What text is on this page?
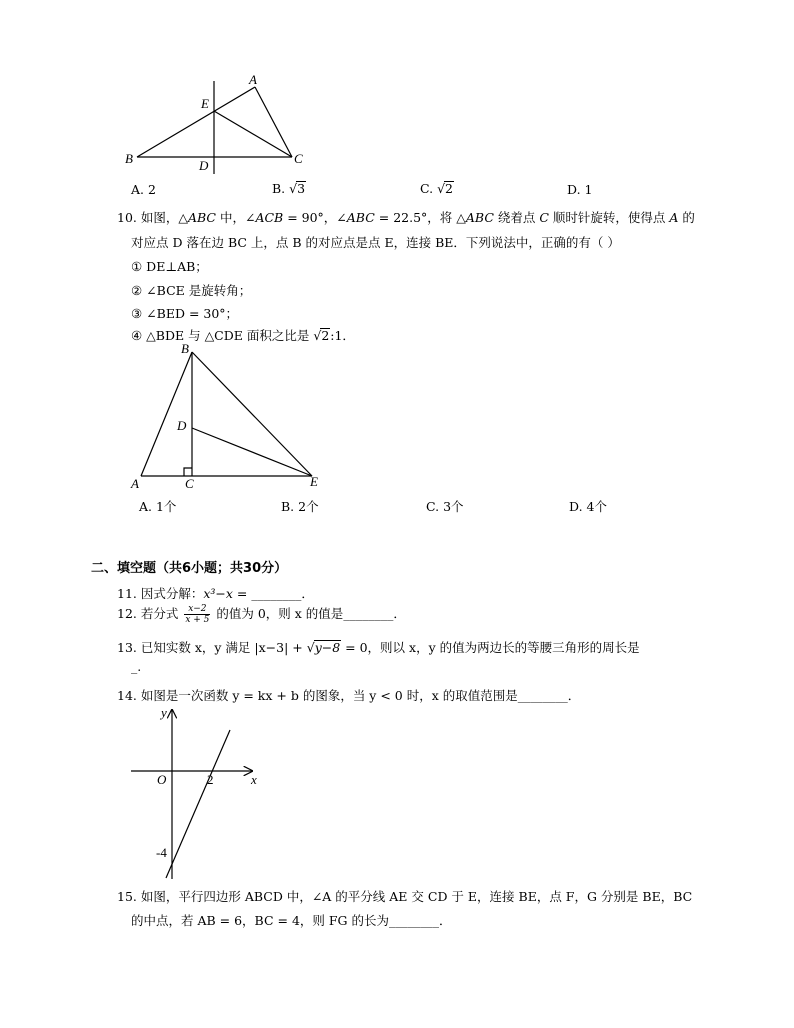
A
E
B	D	C
A. 2	B. √3	C. √2	D. 1
10. 如图，△ABC 中，∠ACB = 90°，∠ABC = 22.5°，将 △ABC 绕着点 C 顺时针旋转，使得点 A 的
对应点 D 落在边 BC 上，点 B 的对应点是点 E，连接 BE．下列说法中，正确的有（ ）
① DE⊥AB；
② ∠BCE 是旋转角；
③ ∠BED = 30°；
④ △BDE 与 △CDE 面积之比是 √2:1．
B
D
A	C	E
A. 1个	B. 2个	C. 3个	D. 4个
二、填空题（共6小题；共30分）
11. 因式分解：x³−x = ________．
12. 若分式 $\frac{x-2}{x + 5}$ 的值为 0，则 x 的值是________．
13. 已知实数 x，y 满足 |x−3| + √y−8 = 0，则以 x，y 的值为两边长的等腰三角形的周长是
_.
14. 如图是一次函数 y = kx + b 的图象，当 y < 0 时，x 的取值范围是________．
y
x
O	2
-4
15. 如图，平行四边形 ABCD 中，∠A 的平分线 AE 交 CD 于 E，连接 BE，点 F，G 分别是 BE，BC
的中点，若 AB = 6，BC = 4，则 FG 的长为________．
